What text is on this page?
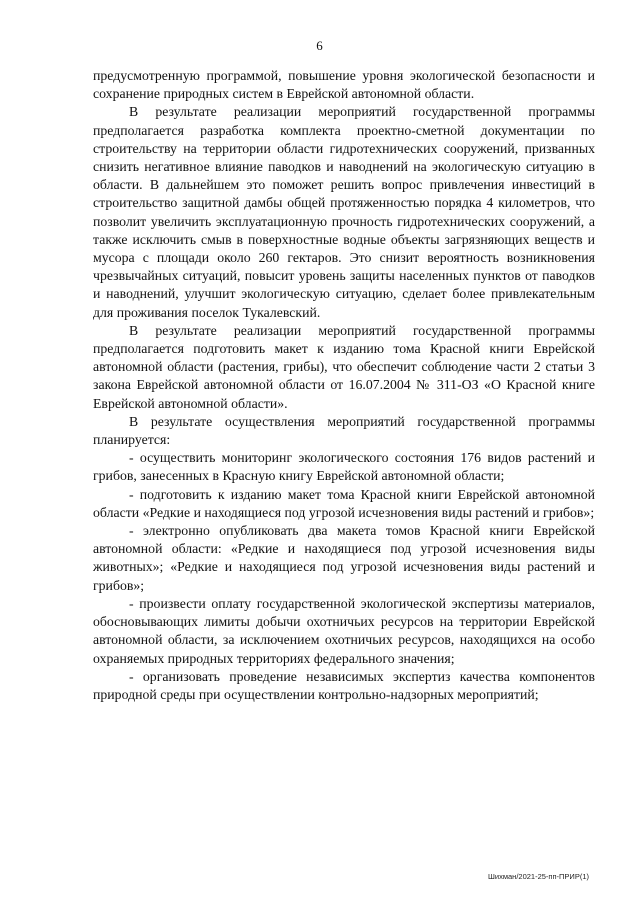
6

предусмотренную программой, повышение уровня экологической безопасности и сохранение природных систем в Еврейской автономной области.

В результате реализации мероприятий государственной программы предполагается разработка комплекта проектно-сметной документации по строительству на территории области гидротехнических сооружений, призванных снизить негативное влияние паводков и наводнений на экологическую ситуацию в области. В дальнейшем это поможет решить вопрос привлечения инвестиций в строительство защитной дамбы общей протяженностью порядка 4 километров, что позволит увеличить эксплуатационную прочность гидротехнических сооружений, а также исключить смыв в поверхностные водные объекты загрязняющих веществ и мусора с площади около 260 гектаров. Это снизит вероятность возникновения чрезвычайных ситуаций, повысит уровень защиты населенных пунктов от паводков и наводнений, улучшит экологическую ситуацию, сделает более привлекательным для проживания поселок Тукалевский.

В результате реализации мероприятий государственной программы предполагается подготовить макет к изданию тома Красной книги Еврейской автономной области (растения, грибы), что обеспечит соблюдение части 2 статьи 3 закона Еврейской автономной области от 16.07.2004 № 311-ОЗ «О Красной книге Еврейской автономной области».

В результате осуществления мероприятий государственной программы планируется:

- осуществить мониторинг экологического состояния 176 видов растений и грибов, занесенных в Красную книгу Еврейской автономной области;

- подготовить к изданию макет тома Красной книги Еврейской автономной области «Редкие и находящиеся под угрозой исчезновения виды растений и грибов»;

- электронно опубликовать два макета томов Красной книги Еврейской автономной области: «Редкие и находящиеся под угрозой исчезновения виды животных»; «Редкие и находящиеся под угрозой исчезновения виды растений и грибов»;

- произвести оплату государственной экологической экспертизы материалов, обосновывающих лимиты добычи охотничьих ресурсов на территории Еврейской автономной области, за исключением охотничьих ресурсов, находящихся на особо охраняемых природных территориях федерального значения;

- организовать проведение независимых экспертиз качества компонентов природной среды при осуществлении контрольно-надзорных мероприятий;

Шихман/2021-25-пп-ПРИР(1)
